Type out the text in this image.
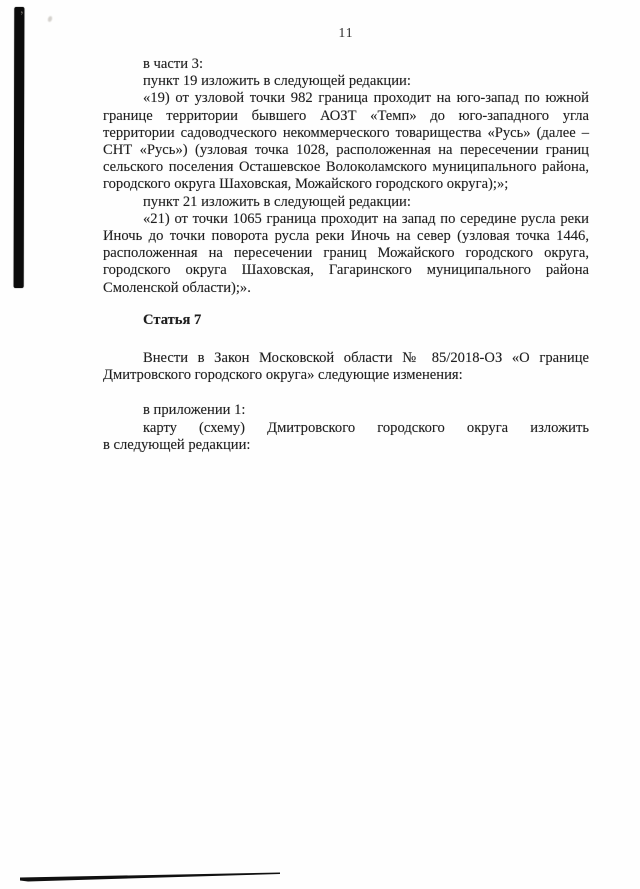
’
11
в части 3:
пункт 19 изложить в следующей редакции:
«19) от узловой точки 982 граница проходит на юго-запад по южной
границе территории бывшего АОЗТ «Темп» до юго-западного угла
территории садоводческого некоммерческого товарищества «Русь» (далее –
СНТ «Русь») (узловая точка 1028, расположенная на пересечении границ
сельского поселения Осташевское Волоколамского муниципального района,
городского округа Шаховская, Можайского городского округа);»;
пункт 21 изложить в следующей редакции:
«21) от точки 1065 граница проходит на запад по середине русла реки
Иночь до точки поворота русла реки Иночь на север (узловая точка 1446,
расположенная на пересечении границ Можайского городского округа,
городского округа Шаховская, Гагаринского муниципального района
Смоленской области);».
Статья 7
Внести в Закон Московской области № 85/2018-ОЗ «О границе
Дмитровского городского округа» следующие изменения:
в приложении 1:
карту (схему) Дмитровского городского округа изложить
в следующей редакции:
